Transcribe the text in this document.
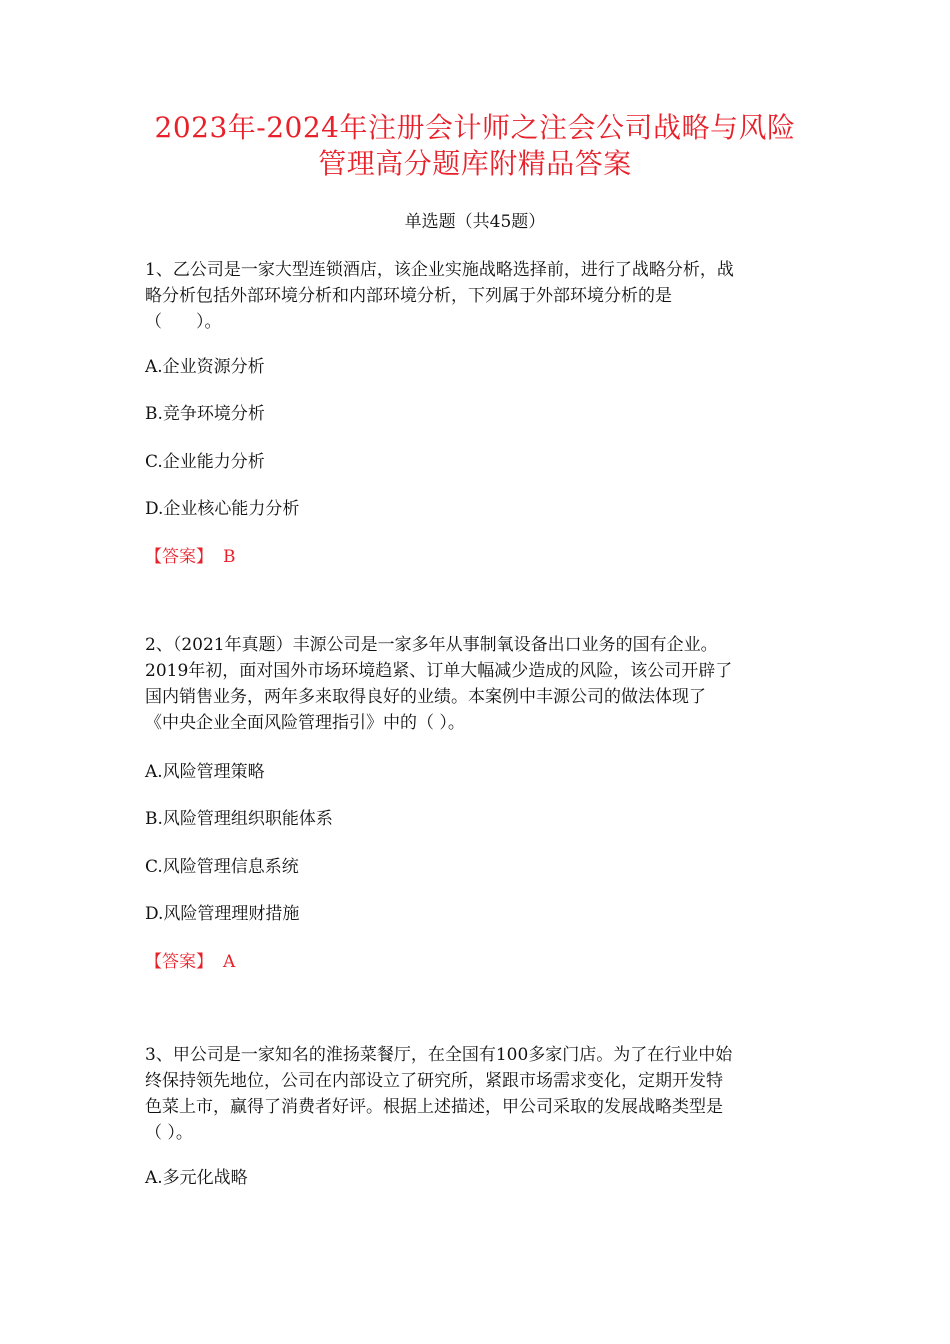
2023年-2024年注册会计师之注会公司战略与风险
管理高分题库附精品答案
单选题（共45题）
1、乙公司是一家大型连锁酒店，该企业实施战略选择前，进行了战略分析，战
略分析包括外部环境分析和内部环境分析，下列属于外部环境分析的是
（　　）。
A.企业资源分析
B.竞争环境分析
C.企业能力分析
D.企业核心能力分析
【答案】 B
2、（2021年真题）丰源公司是一家多年从事制氧设备出口业务的国有企业。
2019年初，面对国外市场环境趋紧、订单大幅减少造成的风险，该公司开辟了
国内销售业务，两年多来取得良好的业绩。本案例中丰源公司的做法体现了
《中央企业全面风险管理指引》中的（ ）。
A.风险管理策略
B.风险管理组织职能体系
C.风险管理信息系统
D.风险管理理财措施
【答案】 A
3、甲公司是一家知名的淮扬菜餐厅，在全国有100多家门店。为了在行业中始
终保持领先地位，公司在内部设立了研究所，紧跟市场需求变化，定期开发特
色菜上市，赢得了消费者好评。根据上述描述，甲公司采取的发展战略类型是
（ ）。
A.多元化战略
